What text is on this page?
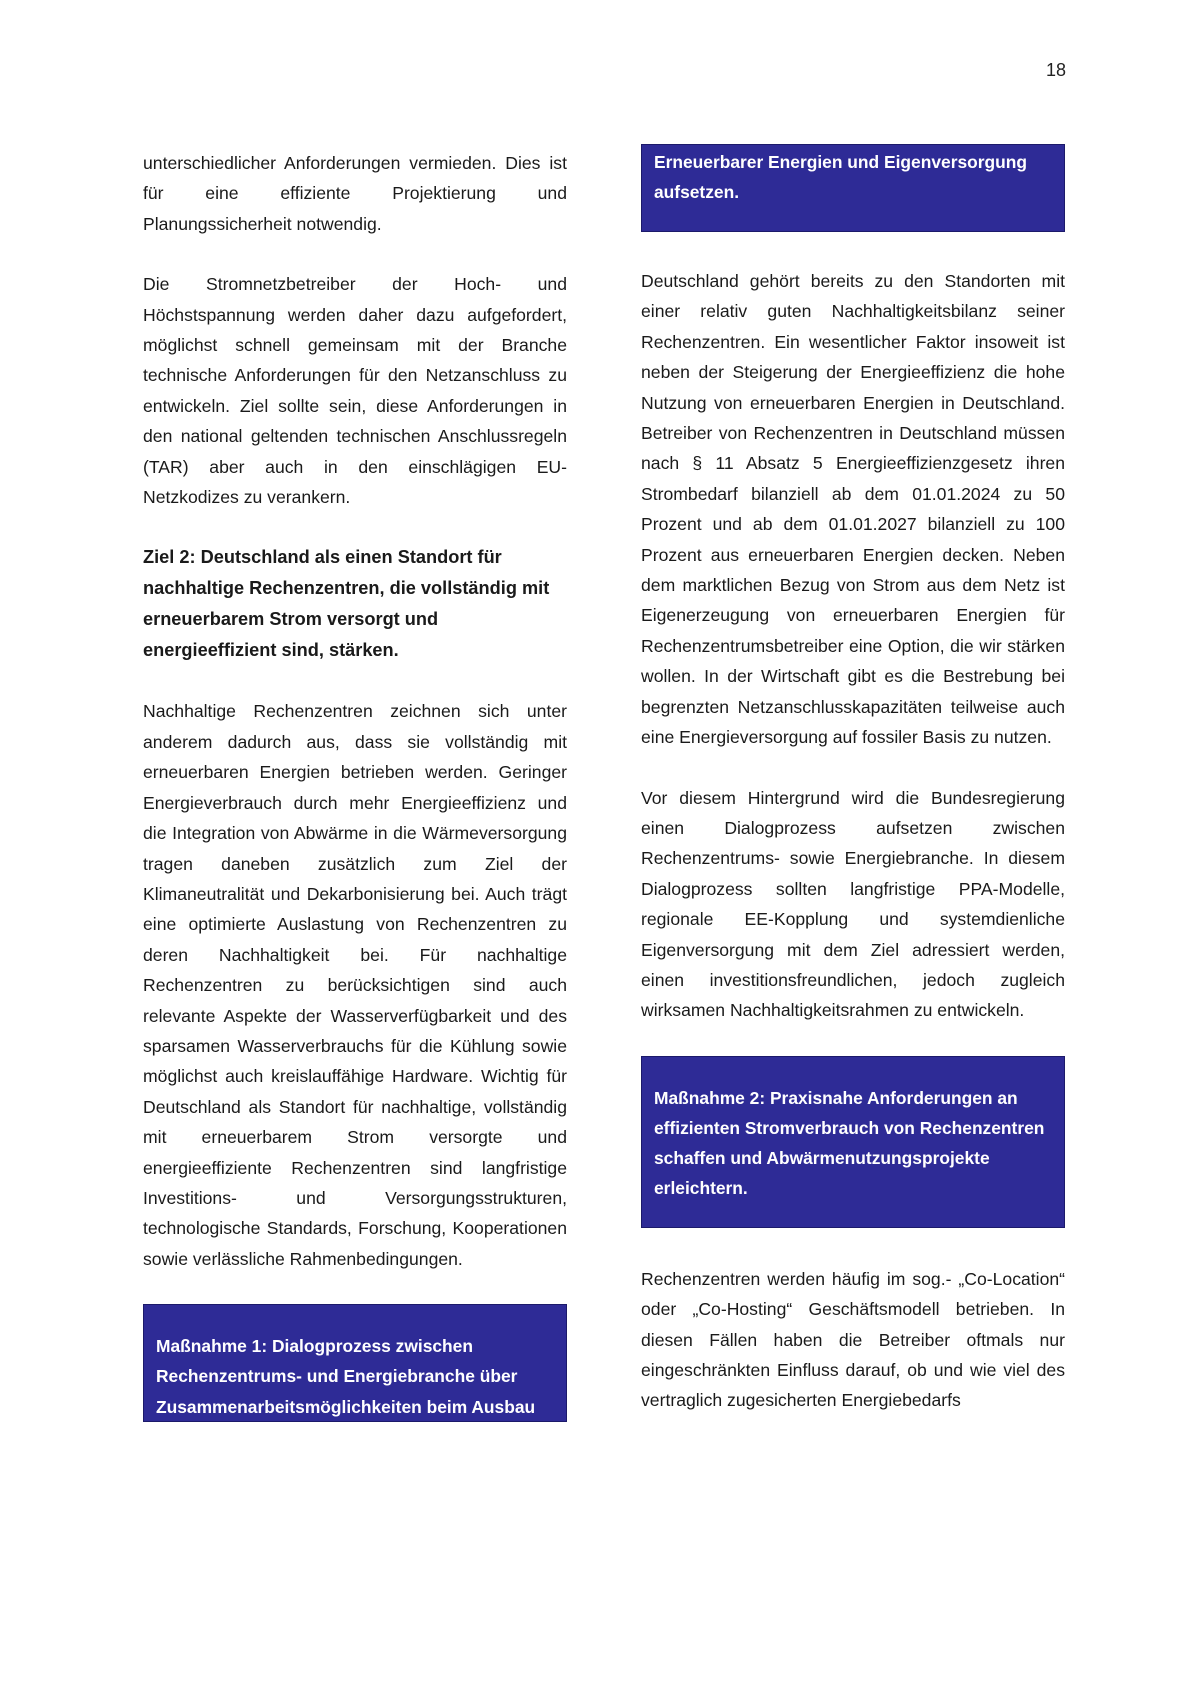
18

unterschiedlicher Anforderungen vermieden. Dies ist für eine effiziente Projektierung und Planungssicherheit notwendig.

Die Stromnetzbetreiber der Hoch- und Höchstspannung werden daher dazu aufgefordert, möglichst schnell gemeinsam mit der Branche technische Anforderungen für den Netzanschluss zu entwickeln. Ziel sollte sein, diese Anforderungen in den national geltenden technischen Anschlussregeln (TAR) aber auch in den einschlägigen EU-Netzkodizes zu verankern.

Ziel 2: Deutschland als einen Standort für nachhaltige Rechenzentren, die vollständig mit erneuerbarem Strom versorgt und energieeffizient sind, stärken.

Nachhaltige Rechenzentren zeichnen sich unter anderem dadurch aus, dass sie vollständig mit erneuerbaren Energien betrieben werden. Geringer Energieverbrauch durch mehr Energieeffizienz und die Integration von Abwärme in die Wärmeversorgung tragen daneben zusätzlich zum Ziel der Klimaneutralität und Dekarbonisierung bei. Auch trägt eine optimierte Auslastung von Rechenzentren zu deren Nachhaltigkeit bei. Für nachhaltige Rechenzentren zu berücksichtigen sind auch relevante Aspekte der Wasserverfügbarkeit und des sparsamen Wasserverbrauchs für die Kühlung sowie möglichst auch kreislauffähige Hardware. Wichtig für Deutschland als Standort für nachhaltige, vollständig mit erneuerbarem Strom versorgte und energieeffiziente Rechenzentren sind langfristige Investitions- und Versorgungsstrukturen, technologische Standards, Forschung, Kooperationen sowie verlässliche Rahmenbedingungen.

Maßnahme 1: Dialogprozess zwischen Rechenzentrums- und Energiebranche über Zusammenarbeitsmöglichkeiten beim Ausbau
Erneuerbarer Energien und Eigenversorgung aufsetzen.

Deutschland gehört bereits zu den Standorten mit einer relativ guten Nachhaltigkeitsbilanz seiner Rechenzentren. Ein wesentlicher Faktor insoweit ist neben der Steigerung der Energieeffizienz die hohe Nutzung von erneuerbaren Energien in Deutschland. Betreiber von Rechenzentren in Deutschland müssen nach § 11 Absatz 5 Energieeffizienzgesetz ihren Strombedarf bilanziell ab dem 01.01.2024 zu 50 Prozent und ab dem 01.01.2027 bilanziell zu 100 Prozent aus erneuerbaren Energien decken. Neben dem marktlichen Bezug von Strom aus dem Netz ist Eigenerzeugung von erneuerbaren Energien für Rechenzentrumsbetreiber eine Option, die wir stärken wollen. In der Wirtschaft gibt es die Bestrebung bei begrenzten Netzanschlusskapazitäten teilweise auch eine Energieversorgung auf fossiler Basis zu nutzen.

Vor diesem Hintergrund wird die Bundesregierung einen Dialogprozess aufsetzen zwischen Rechenzentrums- sowie Energiebranche. In diesem Dialogprozess sollten langfristige PPA-Modelle, regionale EE-Kopplung und systemdienliche Eigenversorgung mit dem Ziel adressiert werden, einen investitionsfreundlichen, jedoch zugleich wirksamen Nachhaltigkeitsrahmen zu entwickeln.

Maßnahme 2: Praxisnahe Anforderungen an effizienten Stromverbrauch von Rechenzentren schaffen und Abwärmenutzungsprojekte erleichtern.

Rechenzentren werden häufig im sog.- „Co-Location“ oder „Co-Hosting“ Geschäftsmodell betrieben. In diesen Fällen haben die Betreiber oftmals nur eingeschränkten Einfluss darauf, ob und wie viel des vertraglich zugesicherten Energiebedarfs
